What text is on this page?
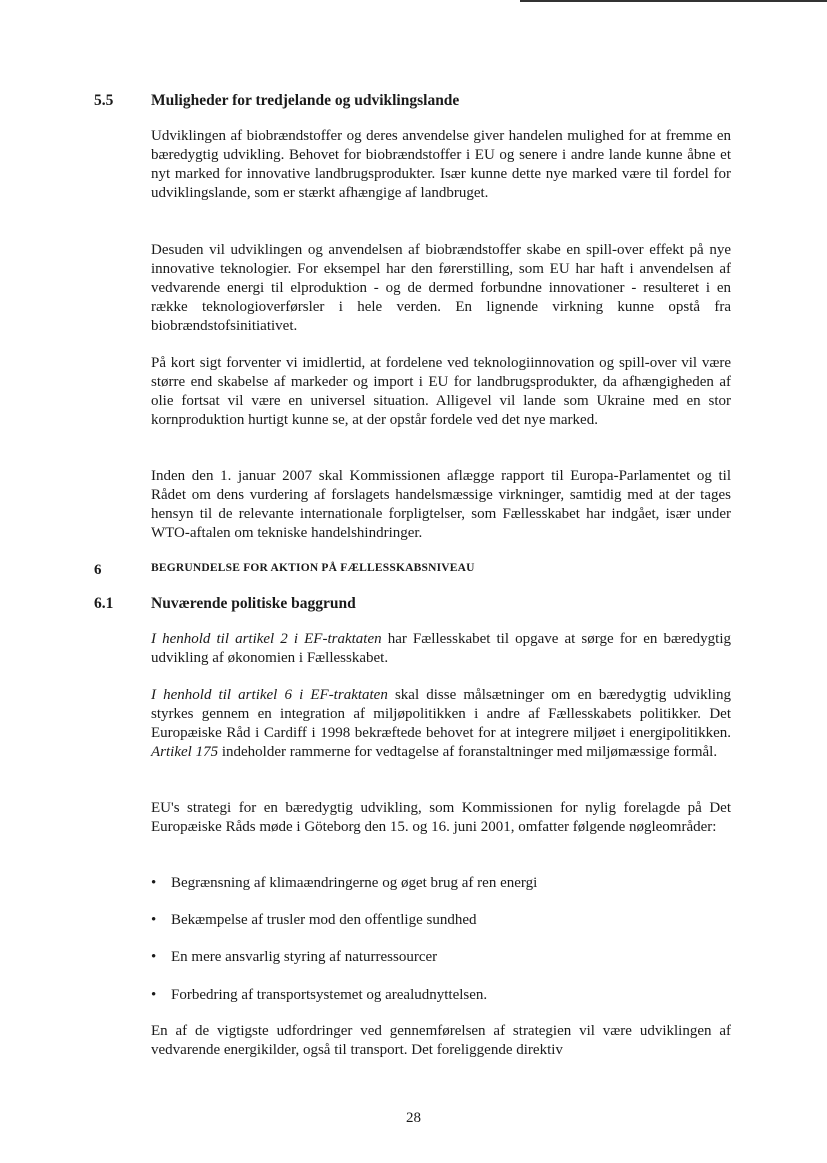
5.5 Muligheder for tredjelande og udviklingslande

Udviklingen af biobrændstoffer og deres anvendelse giver handelen mulighed for at fremme en bæredygtig udvikling. Behovet for biobrændstoffer i EU og senere i andre lande kunne åbne et nyt marked for innovative landbrugsprodukter. Især kunne dette nye marked være til fordel for udviklingslande, som er stærkt afhængige af landbruget.

Desuden vil udviklingen og anvendelsen af biobrændstoffer skabe en spill-over effekt på nye innovative teknologier. For eksempel har den førerstilling, som EU har haft i anvendelsen af vedvarende energi til elproduktion - og de dermed forbundne innovationer - resulteret i en række teknologioverførsler i hele verden. En lignende virkning kunne opstå fra biobrændstofsinitiativet.

På kort sigt forventer vi imidlertid, at fordelene ved teknologiinnovation og spill-over vil være større end skabelse af markeder og import i EU for landbrugsprodukter, da afhængigheden af olie fortsat vil være en universel situation. Alligevel vil lande som Ukraine med en stor kornproduktion hurtigt kunne se, at der opstår fordele ved det nye marked.

Inden den 1. januar 2007 skal Kommissionen aflægge rapport til Europa-Parlamentet og til Rådet om dens vurdering af forslagets handelsmæssige virkninger, samtidig med at der tages hensyn til de relevante internationale forpligtelser, som Fællesskabet har indgået, især under WTO-aftalen om tekniske handelshindringer.

6	BEGRUNDELSE FOR AKTION PÅ FÆLLESSKABSNIVEAU
6.1 Nuværende politiske baggrund

I henhold til artikel 2 i EF-traktaten har Fællesskabet til opgave at sørge for en bæredygtig udvikling af økonomien i Fællesskabet.

I henhold til artikel 6 i EF-traktaten skal disse målsætninger om en bæredygtig udvikling styrkes gennem en integration af miljøpolitikken i andre af Fællesskabets politikker. Det Europæiske Råd i Cardiff i 1998 bekræftede behovet for at integrere miljøet i energipolitikken. Artikel 175 indeholder rammerne for vedtagelse af foranstaltninger med miljømæssige formål.

EU's strategi for en bæredygtig udvikling, som Kommissionen for nylig forelagde på Det Europæiske Råds møde i Göteborg den 15. og 16. juni 2001, omfatter følgende nøgleområder:

• Begrænsning af klimaændringerne og øget brug af ren energi
• Bekæmpelse af trusler mod den offentlige sundhed
• En mere ansvarlig styring af naturressourcer
• Forbedring af transportsystemet og arealudnyttelsen.

En af de vigtigste udfordringer ved gennemførelsen af strategien vil være udviklingen af vedvarende energikilder, også til transport. Det foreliggende direktiv

28
